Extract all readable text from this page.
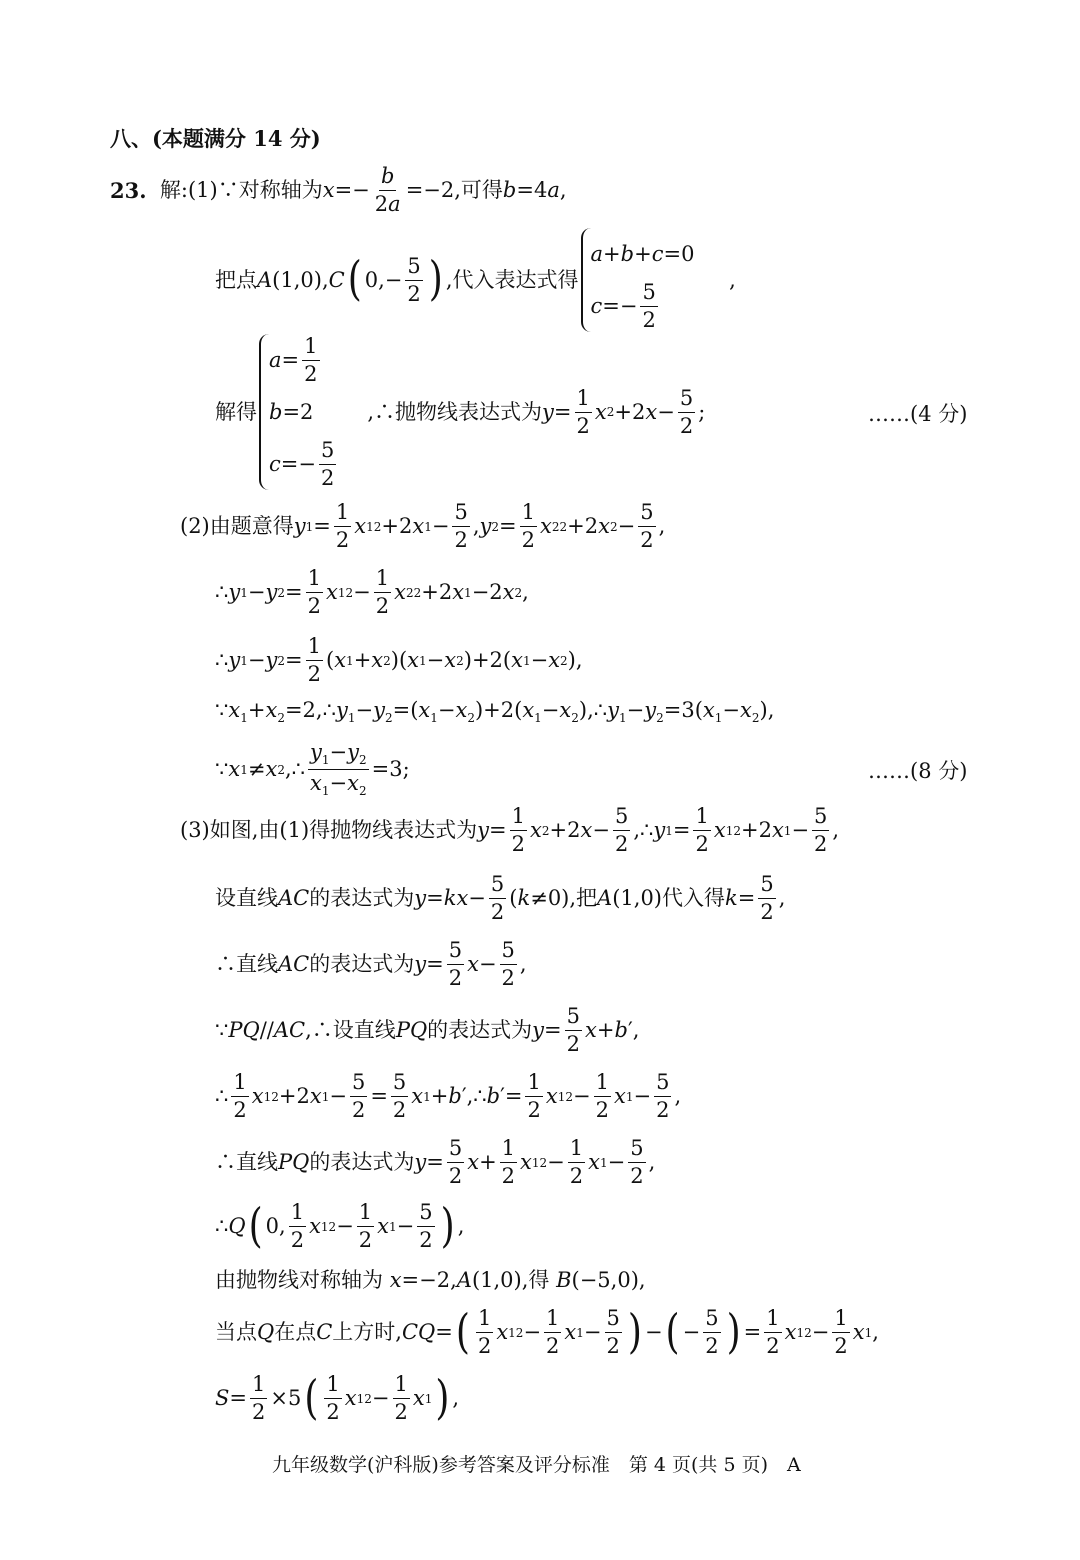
八、(本题满分 14 分)
23.
解 :(1)∵对称轴为 x =−
b
2a
=−2,可得 b =4 a ,
把点 A (1,0), C ( 0,−
5
2 ) ,代入表达式得
a + b + c =0
c =−
5
2
,
解得
a =
1
2
b =2
c =−
5
2
,∴抛物线表达式为 y =
1
2
x 2 +2 x −
5
2
;	……(4 分)
(2)由题意得 y 1 =
1
2
x 1 2 +2 x 1 −
5
2
, y 2 =
1
2
x 2 2 +2 x 2 −
5
2
,
∴ y 1 − y 2 =
1
2
x 1 2 −
1
2
x 2 2 +2 x 1 −2 x 2 ,
∴ y 1 − y 2 =
1
2
( x 1 + x 2 )( x 1 − x 2 )+2( x 1 − x 2 ),
$\because x_1+x_2=2,\therefore y_1-y_2=(x_1-x_2)+2(x_1-x_2),\therefore y_1-y_2=3(x_1-x_2)$,
∵ x 1 ≠ x 2 ,∴
$y_1-y_2$
$x_1-x_2$
=3;	……(8 分)
(3)如图,由(1)得抛物线表达式为 y =
1
2
x 2 +2 x −
5
2
,∴ y 1 =
1
2
x 1 2 +2 x 1 −
5
2
,
设直线 AC 的表达式为 y = kx −
5
2
( k ≠0),把 A (1,0)代入得 k =
5
2
,
∴直线 AC 的表达式为 y =
5
2
x −
5
2
,
∵ PQ // AC ,∴设直线 PQ 的表达式为 y =
5
2
x + b ′,
∴
1
2
x 1 2 +2 x 1 −
5
2
=
5
2
x 1 + b ′,∴ b ′=
1
2
x 1 2 −
1
2
x 1 −
5
2
,
∴直线 PQ 的表达式为 y =
5
2
x +
1
2
x 1 2 −
1
2
x 1 −
5
2
,
∴ Q ( 0,
1
2
x 1 2 −
1
2
x 1 −
5
2 ) ,
由抛物线对称轴为 x=−2,A(1,0),得 B(−5,0),
当点 Q 在点 C 上方时, CQ = ( 1
2
x 1 2 −
1
2
x 1 −
5
2 ) − ( −
5
2 ) =
1
2
x 1 2 −
1
2
x 1 ,
S =
1
2
×5 ( 1
2
x 1 2 −
1
2
x 1 ) ,
九年级数学(沪科版)参考答案及评分标准　第 4 页(共 5 页)　A
